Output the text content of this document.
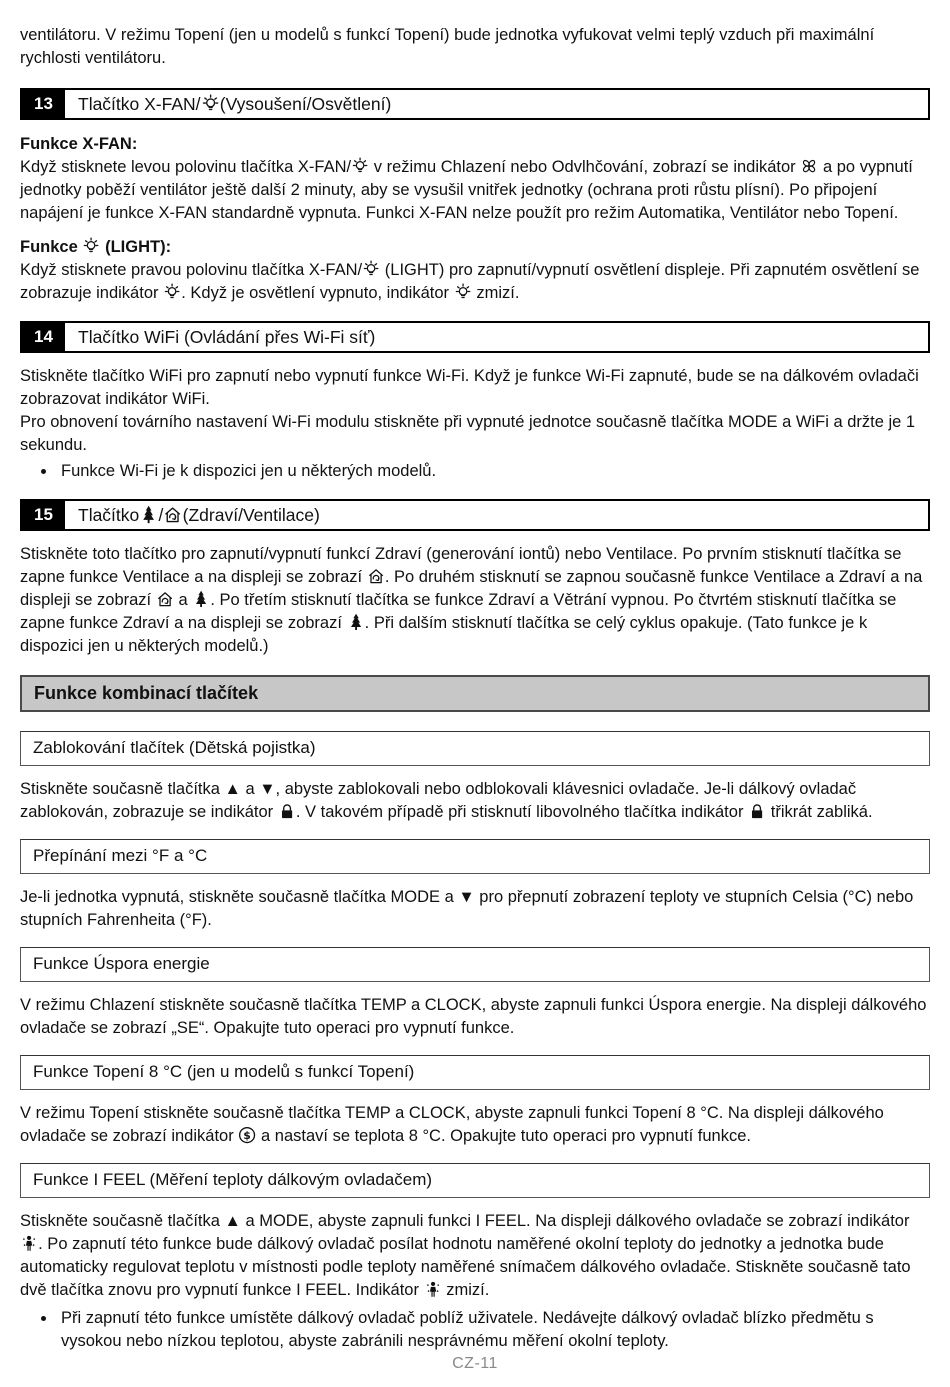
ventilátoru. V režimu Topení (jen u modelů s funkcí Topení) bude jednotka vyfukovat velmi teplý vzduch při maximální rychlosti ventilátoru.

13	Tlačítko X-FAN/
(Vysoušení/Osvětlení)

Funkce X-FAN:

Když stisknete levou polovinu tlačítka X-FAN/
v režimu Chlazení nebo Odvlhčování, zobrazí se indikátor
a po vypnutí jednotky poběží ventilátor ještě další 2 minuty, aby se vysušil vnitřek jednotky (ochrana proti růstu plísní). Po připojení napájení je funkce X-FAN standardně vypnuta. Funkci X-FAN nelze použít pro režim Automatika, Ventilátor nebo Topení.

Funkce
(LIGHT):

Když stisknete pravou polovinu tlačítka X-FAN/
(LIGHT) pro zapnutí/vypnutí osvětlení displeje. Při zapnutém osvětlení se zobrazuje indikátor
. Když je osvětlení vypnuto, indikátor
zmizí.

14	Tlačítko WiFi (Ovládání přes Wi-Fi síť)

Stiskněte tlačítko WiFi pro zapnutí nebo vypnutí funkce Wi-Fi. Když je funkce Wi-Fi zapnuté, bude se na dálkovém ovladači zobrazovat indikátor WiFi.
Pro obnovení továrního nastavení Wi-Fi modulu stiskněte při vypnuté jednotce současně tlačítka MODE a WiFi a držte je 1 sekundu.

• Funkce Wi-Fi je k dispozici jen u některých modelů.
15	Tlačítko
/
(Zdraví/Ventilace)

Stiskněte toto tlačítko pro zapnutí/vypnutí funkcí Zdraví (generování iontů) nebo Ventilace. Po prvním stisknutí tlačítka se zapne funkce Ventilace a na displeji se zobrazí
. Po druhém stisknutí se zapnou současně funkce Ventilace a Zdraví a na displeji se zobrazí
a
. Po třetím stisknutí tlačítka se funkce Zdraví a Větrání vypnou. Po čtvrtém stisknutí tlačítka se zapne funkce Zdraví a na displeji se zobrazí
. Při dalším stisknutí tlačítka se celý cyklus opakuje. (Tato funkce je k dispozici jen u některých modelů.)

Funkce kombinací tlačítek
Zablokování tlačítek (Dětská pojistka)

Stiskněte současně tlačítka ▲ a ▼, abyste zablokovali nebo odblokovali klávesnici ovladače. Je-li dálkový ovladač zablokován, zobrazuje se indikátor
. V takovém případě při stisknutí libovolného tlačítka indikátor
třikrát zabliká.

Přepínání mezi °F a °C

Je-li jednotka vypnutá, stiskněte současně tlačítka MODE a ▼ pro přepnutí zobrazení teploty ve stupních Celsia (°C) nebo stupních Fahrenheita (°F).

Funkce Úspora energie

V režimu Chlazení stiskněte současně tlačítka TEMP a CLOCK, abyste zapnuli funkci Úspora energie. Na displeji dálkového ovladače se zobrazí „SE“. Opakujte tuto operaci pro vypnutí funkce.

Funkce Topení 8 °C (jen u modelů s funkcí Topení)

V režimu Topení stiskněte současně tlačítka TEMP a CLOCK, abyste zapnuli funkci Topení 8 °C. Na displeji dálkového ovladače se zobrazí indikátor $ a nastaví se teplota 8 °C. Opakujte tuto operaci pro vypnutí funkce.

Funkce I FEEL (Měření teploty dálkovým ovladačem)

Stiskněte současně tlačítka ▲ a MODE, abyste zapnuli funkci I FEEL. Na displeji dálkového ovladače se zobrazí indikátor
. Po zapnutí této funkce bude dálkový ovladač posílat hodnotu naměřené okolní teploty do jednotky a jednotka bude automaticky regulovat teplotu v místnosti podle teploty naměřené snímačem dálkového ovladače. Stiskněte současně tato dvě tlačítka znovu pro vypnutí funkce I FEEL. Indikátor
zmizí.

• Při zapnutí této funkce umístěte dálkový ovladač poblíž uživatele. Nedávejte dálkový ovladač blízko předmětu s vysokou nebo nízkou teplotou, abyste zabránili nesprávnému měření okolní teploty.
CZ-11
